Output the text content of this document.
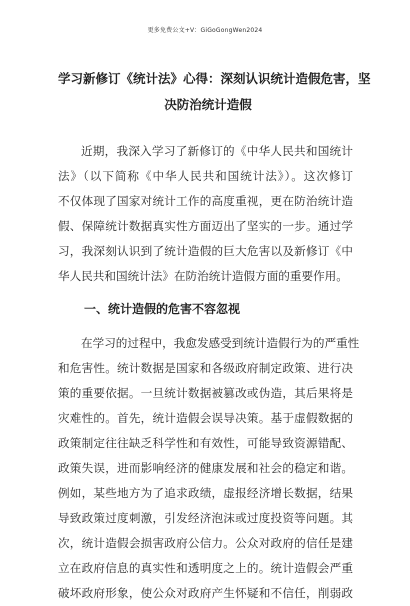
更多免费公文+V：GiGoGongWen2024
学习新修订《统计法》心得：深刻认识统计造假危害，坚
决防治统计造假
近期，我深入学习了新修订的《中华人民共和国统计
法》（以下简称《中华人民共和国统计法》）。这次修订
不仅体现了国家对统计工作的高度重视，更在防治统计造
假、保障统计数据真实性方面迈出了坚实的一步。通过学
习，我深刻认识到了统计造假的巨大危害以及新修订《中
华人民共和国统计法》在防治统计造假方面的重要作用。
一、统计造假的危害不容忽视
在学习的过程中，我愈发感受到统计造假行为的严重性
和危害性。统计数据是国家和各级政府制定政策、进行决
策的重要依据。一旦统计数据被篡改或伪造，其后果将是
灾难性的。首先，统计造假会误导决策。基于虚假数据的
政策制定往往缺乏科学性和有效性，可能导致资源错配、
政策失误，进而影响经济的健康发展和社会的稳定和谐。
例如，某些地方为了追求政绩，虚报经济增长数据，结果
导致政策过度刺激，引发经济泡沫或过度投资等问题。其
次，统计造假会损害政府公信力。公众对政府的信任是建
立在政府信息的真实性和透明度之上的。统计造假会严重
破坏政府形象，使公众对政府产生怀疑和不信任，削弱政
